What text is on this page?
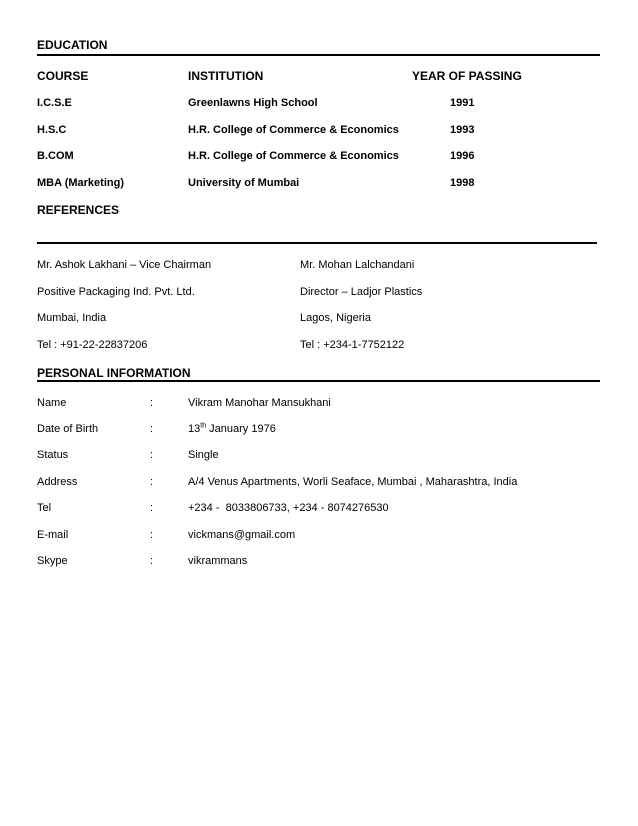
EDUCATION
COURSE	INSTITUTION	YEAR OF PASSING
I.C.S.E	Greenlawns High School	1991
H.S.C	H.R. College of Commerce & Economics	1993
B.COM	H.R. College of Commerce & Economics	1996
MBA (Marketing)	University of Mumbai	1998
REFERENCES
Mr. Ashok Lakhani – Vice Chairman
Positive Packaging Ind. Pvt. Ltd.
Mumbai, India
Tel : +91-22-22837206
Mr. Mohan Lalchandani
Director – Ladjor Plastics
Lagos, Nigeria
Tel : +234-1-7752122
PERSONAL INFORMATION
Name	:	Vikram Manohar Mansukhani
Date of Birth	:	13th January 1976
Status	:	Single
Address	:	A/4 Venus Apartments, Worli Seaface, Mumbai , Maharashtra, India
Tel	:	+234 -  8033806733, +234 - 8074276530
E-mail	:	vickmans@gmail.com
Skype	:	vikrammans
